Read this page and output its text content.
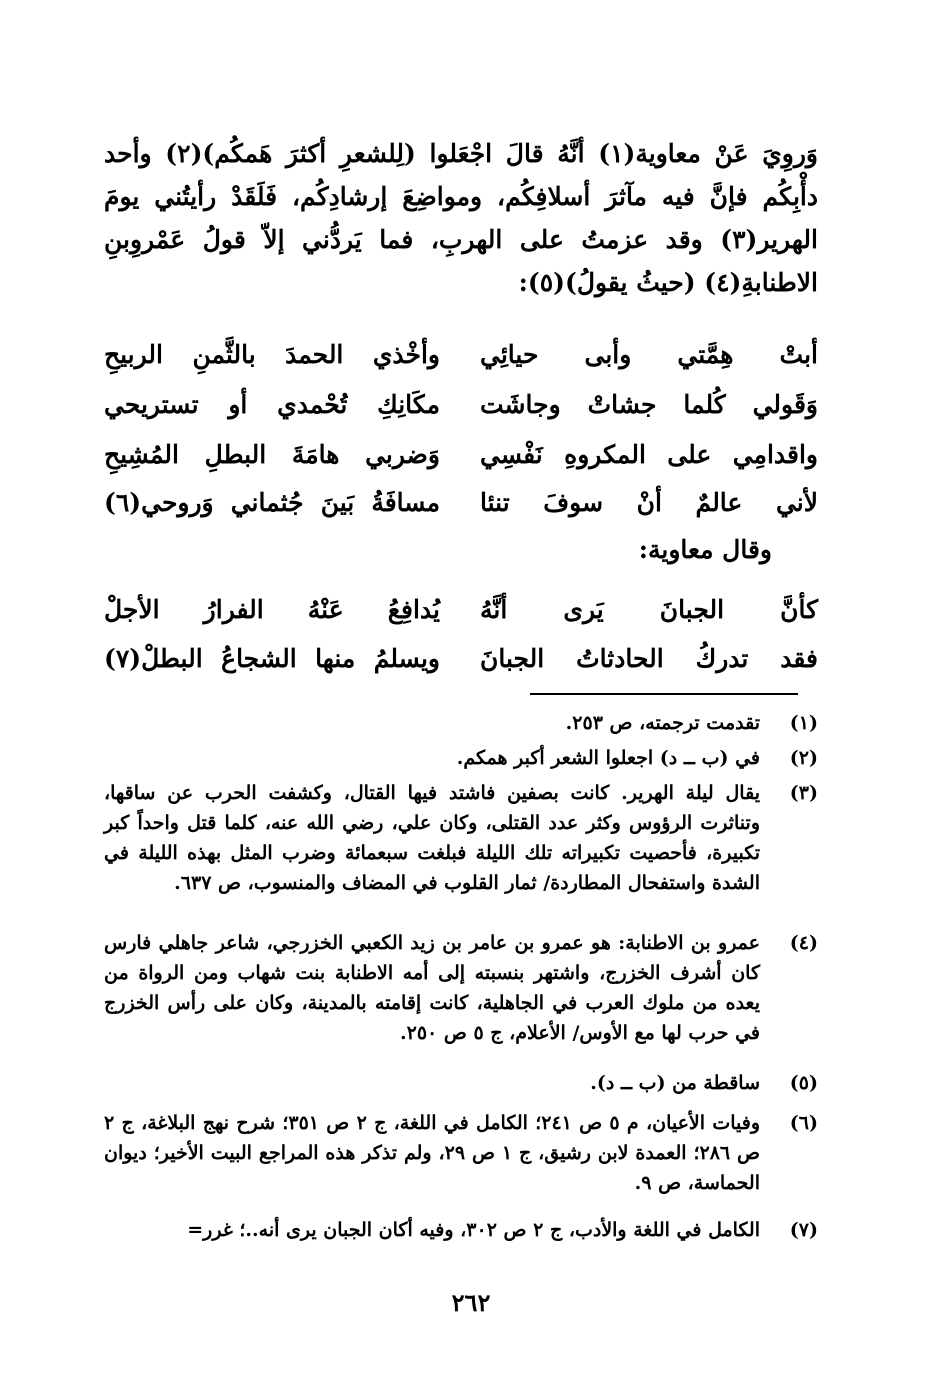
وَروِيَ عَنْ معاوية(١) أنَّهُ قالَ اجْعَلوا (لِلشعرِ أكثرَ هَمكُم)(٢) وأحد دأْبِكُم فإنَّ فيه مآثرَ أسلافِكُم، ومواضِعَ إرشادِكُم، فَلَقَدْ رأيتُني يومَ الهرير(٣) وقد عزمتُ على الهربِ، فما يَردُّني إلاّ قولُ عَمْروِبنِ الاطنابةِ(٤) (حيثُ يقولُ)(٥):

أبتْ هِمَّتي وأبى حيائِي
وأخْذي الحمدَ بالثَّمنِ الربيحِ
وَقَولي كُلما جشاتْ وجاشَت
مكَانِكِ تُحْمدي أو تستريحي
واقدامِي على المكروهِ نَفْسِي
وَضربي هامَةَ البطلِ المُشِيحِ
لأني عالمٌ أنْ سوفَ تنئا
مسافَةُ بَينَ جُثماني وَروحي(٦)
وقال معاوية:
كأنَّ الجبانَ يَرى أنَّهُ
يُدافِعُ عَنْهُ الفرارُ الأجلْ
فقد تدركُ الحادثاتُ الجبانَ
ويسلمُ منها الشجاعُ البطلْ(٧)
(١)
تقدمت ترجمته، ص ٢٥٣.
(٢)
في (ب ــ د) اجعلوا الشعر أكبر همكم.
(٣)
يقال ليلة الهرير. كانت بصفين فاشتد فيها القتال، وكشفت الحرب عن ساقها، وتناثرت الرؤوس وكثر عدد القتلى، وكان علي، رضي الله عنه، كلما قتل واحداً كبر تكبيرة، فأحصيت تكبيراته تلك الليلة فبلغت سبعمائة وضرب المثل بهذه الليلة في الشدة واستفحال المطاردة/ ثمار القلوب في المضاف والمنسوب، ص ٦٣٧.
(٤)
عمرو بن الاطنابة: هو عمرو بن عامر بن زيد الكعبي الخزرجي، شاعر جاهلي فارس كان أشرف الخزرج، واشتهر بنسبته إلى أمه الاطنابة بنت شهاب ومن الرواة من يعده من ملوك العرب في الجاهلية، كانت إقامته بالمدينة، وكان على رأس الخزرج في حرب لها مع الأوس/ الأعلام، ج ٥ ص ٢٥٠.
(٥)
ساقطة من (ب ــ د).
(٦)
وفيات الأعيان، م ٥ ص ٢٤١؛ الكامل في اللغة، ج ٢ ص ٣٥١؛ شرح نهج البلاغة، ج ٢ ص ٢٨٦؛ العمدة لابن رشيق، ج ١ ص ٢٩، ولم تذكر هذه المراجع البيت الأخير؛ ديوان الحماسة، ص ٩.
(٧)
الكامل في اللغة والأدب، ج ٢ ص ٣٠٢، وفيه أكان الجبان يرى أنه..؛ غرر=
٢٦٢
